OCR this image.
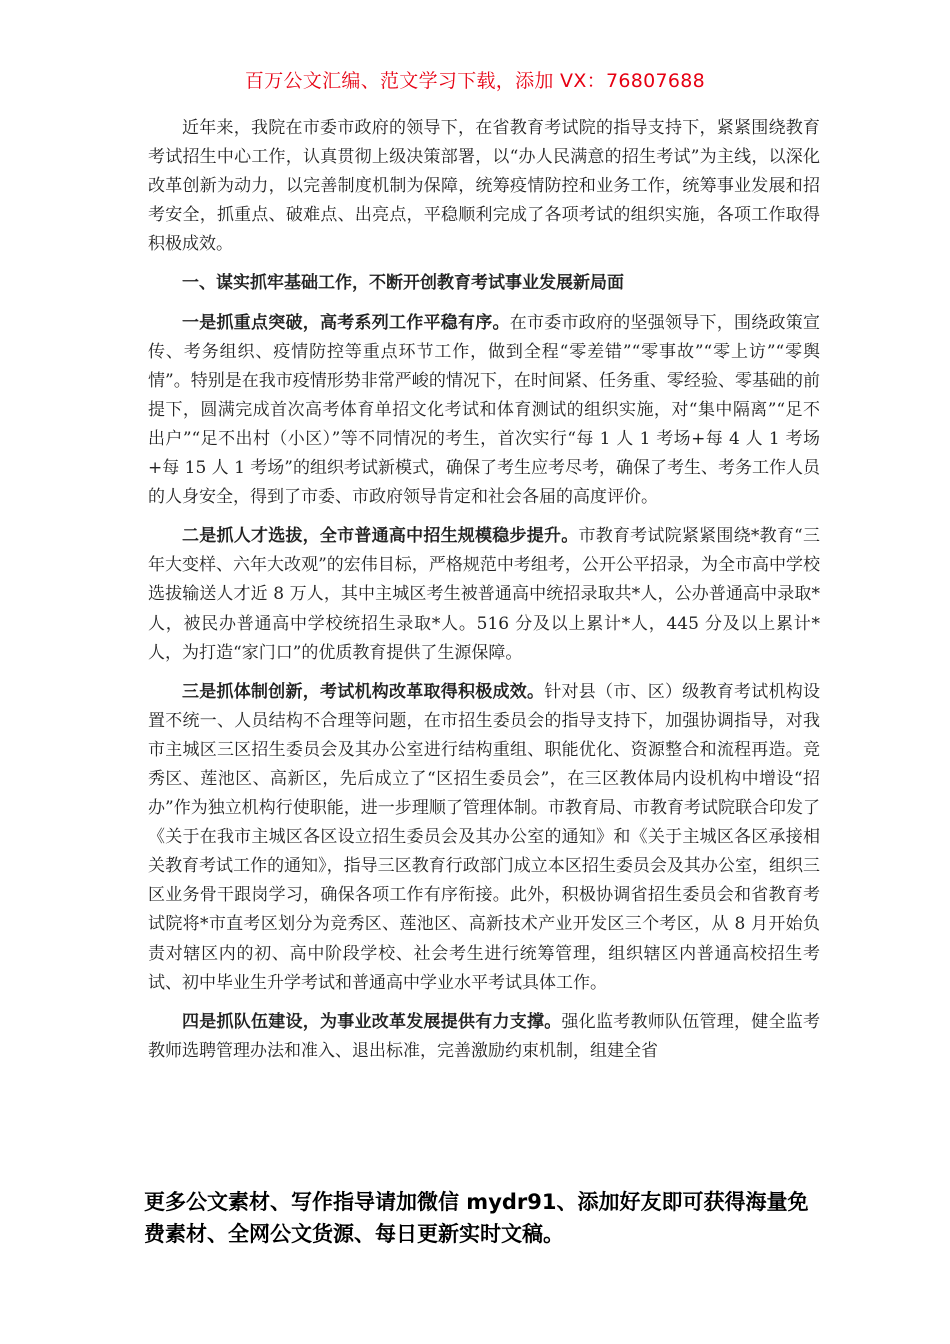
百万公文汇编、范文学习下载，添加 VX：76807688

近年来，我院在市委市政府的领导下，在省教育考试院的指导支持下，紧紧围绕教育考试招生中心工作，认真贯彻上级决策部署，以“办人民满意的招生考试”为主线，以深化改革创新为动力，以完善制度机制为保障，统筹疫情防控和业务工作，统筹事业发展和招考安全，抓重点、破难点、出亮点，平稳顺利完成了各项考试的组织实施，各项工作取得积极成效。

一、谋实抓牢基础工作，不断开创教育考试事业发展新局面

一是抓重点突破，高考系列工作平稳有序。在市委市政府的坚强领导下，围绕政策宣传、考务组织、疫情防控等重点环节工作，做到全程“零差错”“零事故”“零上访”“零舆情”。特别是在我市疫情形势非常严峻的情况下，在时间紧、任务重、零经验、零基础的前提下，圆满完成首次高考体育单招文化考试和体育测试的组织实施，对“集中隔离”“足不出户”“足不出村（小区）”等不同情况的考生，首次实行“每 1 人 1 考场+每 4 人 1 考场+每 15 人 1 考场”的组织考试新模式，确保了考生应考尽考，确保了考生、考务工作人员的人身安全，得到了市委、市政府领导肯定和社会各届的高度评价。

二是抓人才选拔，全市普通高中招生规模稳步提升。市教育考试院紧紧围绕*教育“三年大变样、六年大改观”的宏伟目标，严格规范中考组考，公开公平招录，为全市高中学校选拔输送人才近 8 万人，其中主城区考生被普通高中统招录取共*人，公办普通高中录取*人，被民办普通高中学校统招生录取*人。516 分及以上累计*人，445 分及以上累计*人，为打造“家门口”的优质教育提供了生源保障。

三是抓体制创新，考试机构改革取得积极成效。针对县（市、区）级教育考试机构设置不统一、人员结构不合理等问题，在市招生委员会的指导支持下，加强协调指导，对我市主城区三区招生委员会及其办公室进行结构重组、职能优化、资源整合和流程再造。竞秀区、莲池区、高新区，先后成立了“区招生委员会”，在三区教体局内设机构中增设“招办”作为独立机构行使职能，进一步理顺了管理体制。市教育局、市教育考试院联合印发了《关于在我市主城区各区设立招生委员会及其办公室的通知》和《关于主城区各区承接相关教育考试工作的通知》，指导三区教育行政部门成立本区招生委员会及其办公室，组织三区业务骨干跟岗学习，确保各项工作有序衔接。此外，积极协调省招生委员会和省教育考试院将*市直考区划分为竞秀区、莲池区、高新技术产业开发区三个考区，从 8 月开始负责对辖区内的初、高中阶段学校、社会考生进行统筹管理，组织辖区内普通高校招生考试、初中毕业生升学考试和普通高中学业水平考试具体工作。

四是抓队伍建设，为事业改革发展提供有力支撑。强化监考教师队伍管理，健全监考教师选聘管理办法和准入、退出标准，完善激励约束机制，组建全省

更多公文素材、写作指导请加微信 mydr91、添加好友即可获得海量免费素材、全网公文货源、每日更新实时文稿。
